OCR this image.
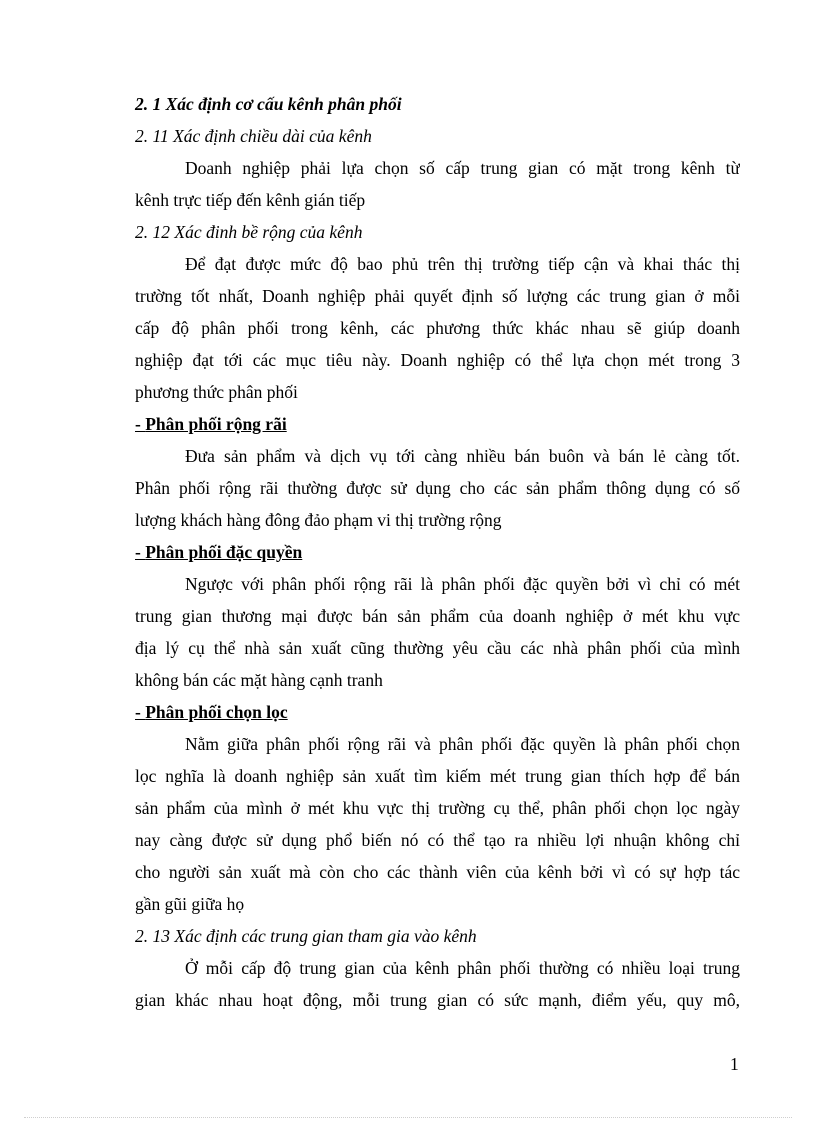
2. 1 Xác định cơ cấu kênh phân phối
2. 11 Xác định chiều dài của kênh
Doanh nghiệp phải lựa chọn số cấp trung gian có mặt trong kênh từ
kênh trực tiếp đến kênh gián tiếp
2. 12 Xác đinh bề rộng của kênh
Để đạt được mức độ bao phủ trên thị trường tiếp cận và khai thác thị
trường tốt nhất, Doanh nghiệp phải quyết định số lượng các trung gian ở mỗi
cấp độ phân phối trong kênh, các phương thức khác nhau sẽ giúp doanh
nghiệp đạt tới các mục tiêu này. Doanh nghiệp có thể lựa chọn mét trong 3
phương thức phân phối
- Phân phối rộng rãi
Đưa sản phẩm và dịch vụ tới càng nhiều bán buôn và bán lẻ càng tốt.
Phân phối rộng rãi thường được sử dụng cho các sản phẩm thông dụng có số
lượng khách hàng đông đảo phạm vi thị trường rộng
- Phân phối đặc quyền
Ngược với phân phối rộng rãi là phân phối đặc quyền bởi vì chỉ có mét
trung gian thương mại được bán sản phẩm của doanh nghiệp ở mét khu vực
địa lý cụ thể nhà sản xuất cũng thường yêu cầu các nhà phân phối của mình
không bán các mặt hàng cạnh tranh
- Phân phối chọn lọc
Nằm giữa phân phối rộng rãi và phân phối đặc quyền là phân phối chọn
lọc nghĩa là doanh nghiệp sản xuất tìm kiếm mét trung gian thích hợp để bán
sản phẩm của mình ở mét khu vực thị trường cụ thể, phân phối chọn lọc ngày
nay càng được sử dụng phổ biến nó có thể tạo ra nhiều lợi nhuận không chỉ
cho người sản xuất mà còn cho các thành viên của kênh bởi vì có sự hợp tác
gần gũi giữa họ
2. 13 Xác định các trung gian tham gia vào kênh
Ở mỗi cấp độ trung gian của kênh phân phối thường có nhiều loại trung
gian khác nhau hoạt động, mỗi trung gian có sức mạnh, điểm yếu, quy mô,
1
